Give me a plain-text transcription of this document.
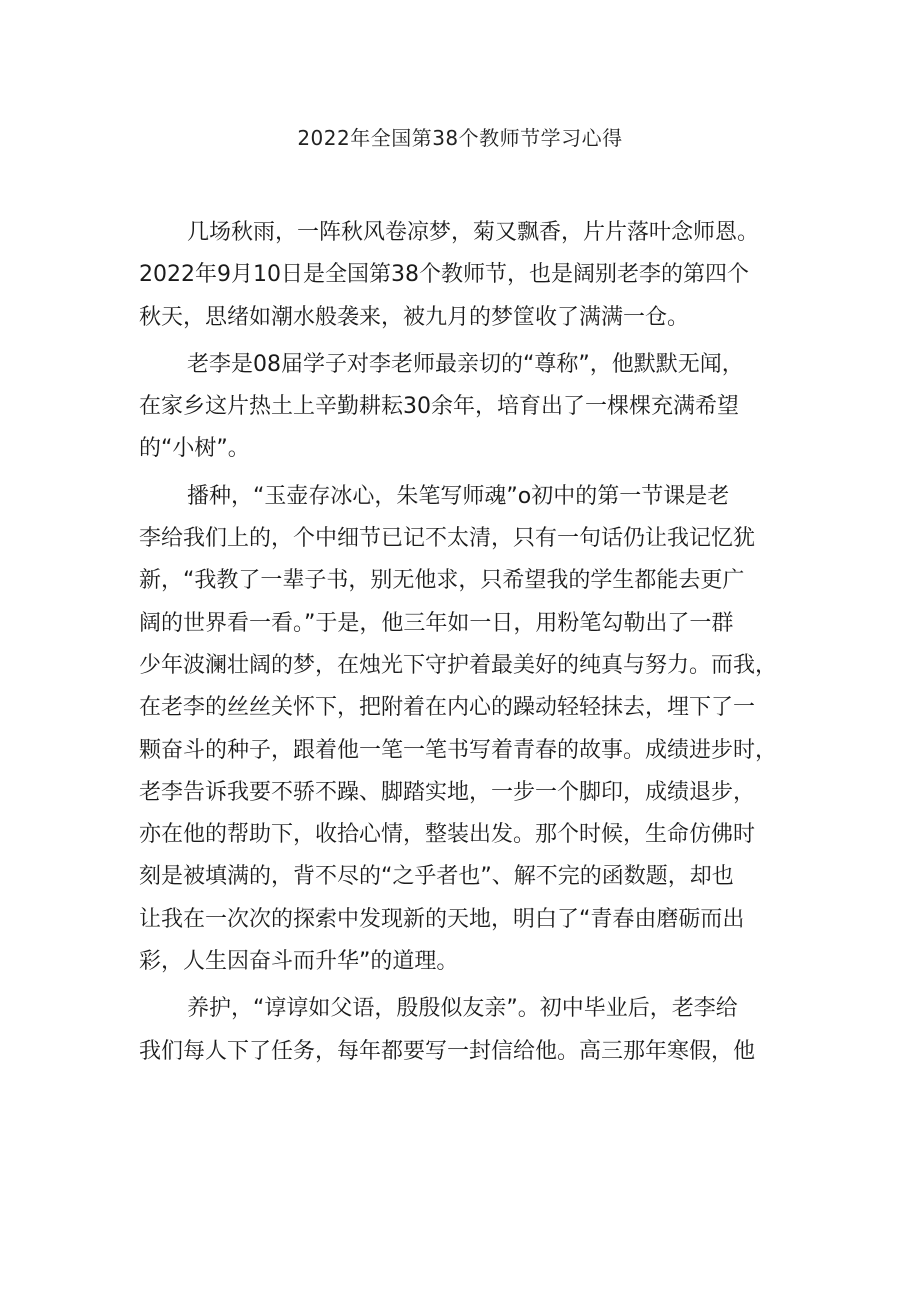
2022年全国第38个教师节学习心得
几场秋雨，一阵秋风卷凉梦，菊又飘香，片片落叶念师恩。
2022年9月10日是全国第38个教师节，也是阔别老李的第四个
秋天，思绪如潮水般袭来，被九月的梦筐收了满满一仓。
老李是08届学子对李老师最亲切的“尊称”，他默默无闻，
在家乡这片热土上辛勤耕耘30余年，培育出了一棵棵充满希望
的“小树”。
播种，“玉壶存冰心，朱笔写师魂”o初中的第一节课是老
李给我们上的，个中细节已记不太清，只有一句话仍让我记忆犹
新，“我教了一辈子书，别无他求，只希望我的学生都能去更广
阔的世界看一看。”于是，他三年如一日，用粉笔勾勒出了一群
少年波澜壮阔的梦，在烛光下守护着最美好的纯真与努力。而我，
在老李的丝丝关怀下，把附着在内心的躁动轻轻抹去，埋下了一
颗奋斗的种子，跟着他一笔一笔书写着青春的故事。成绩进步时，
老李告诉我要不骄不躁、脚踏实地，一步一个脚印，成绩退步，
亦在他的帮助下，收拾心情，整装出发。那个时候，生命仿佛时
刻是被填满的，背不尽的“之乎者也”、解不完的函数题，却也
让我在一次次的探索中发现新的天地，明白了“青春由磨砺而出
彩，人生因奋斗而升华”的道理。
养护，“谆谆如父语，殷殷似友亲”。初中毕业后，老李给
我们每人下了任务，每年都要写一封信给他。高三那年寒假，他
